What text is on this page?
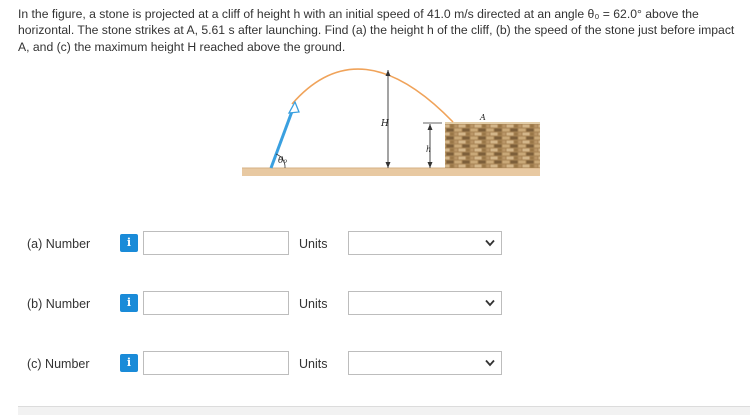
In the figure, a stone is projected at a cliff of height h with an initial speed of 41.0 m/s directed at an angle θ₀ = 62.0° above the horizontal. The stone strikes at A, 5.61 s after launching. Find (a) the height h of the cliff, (b) the speed of the stone just before impact A, and (c) the maximum height H reached above the ground.
θ₀
H
h
A
(a) Number	i	Units
(b) Number	i	Units
(c) Number	i	Units
